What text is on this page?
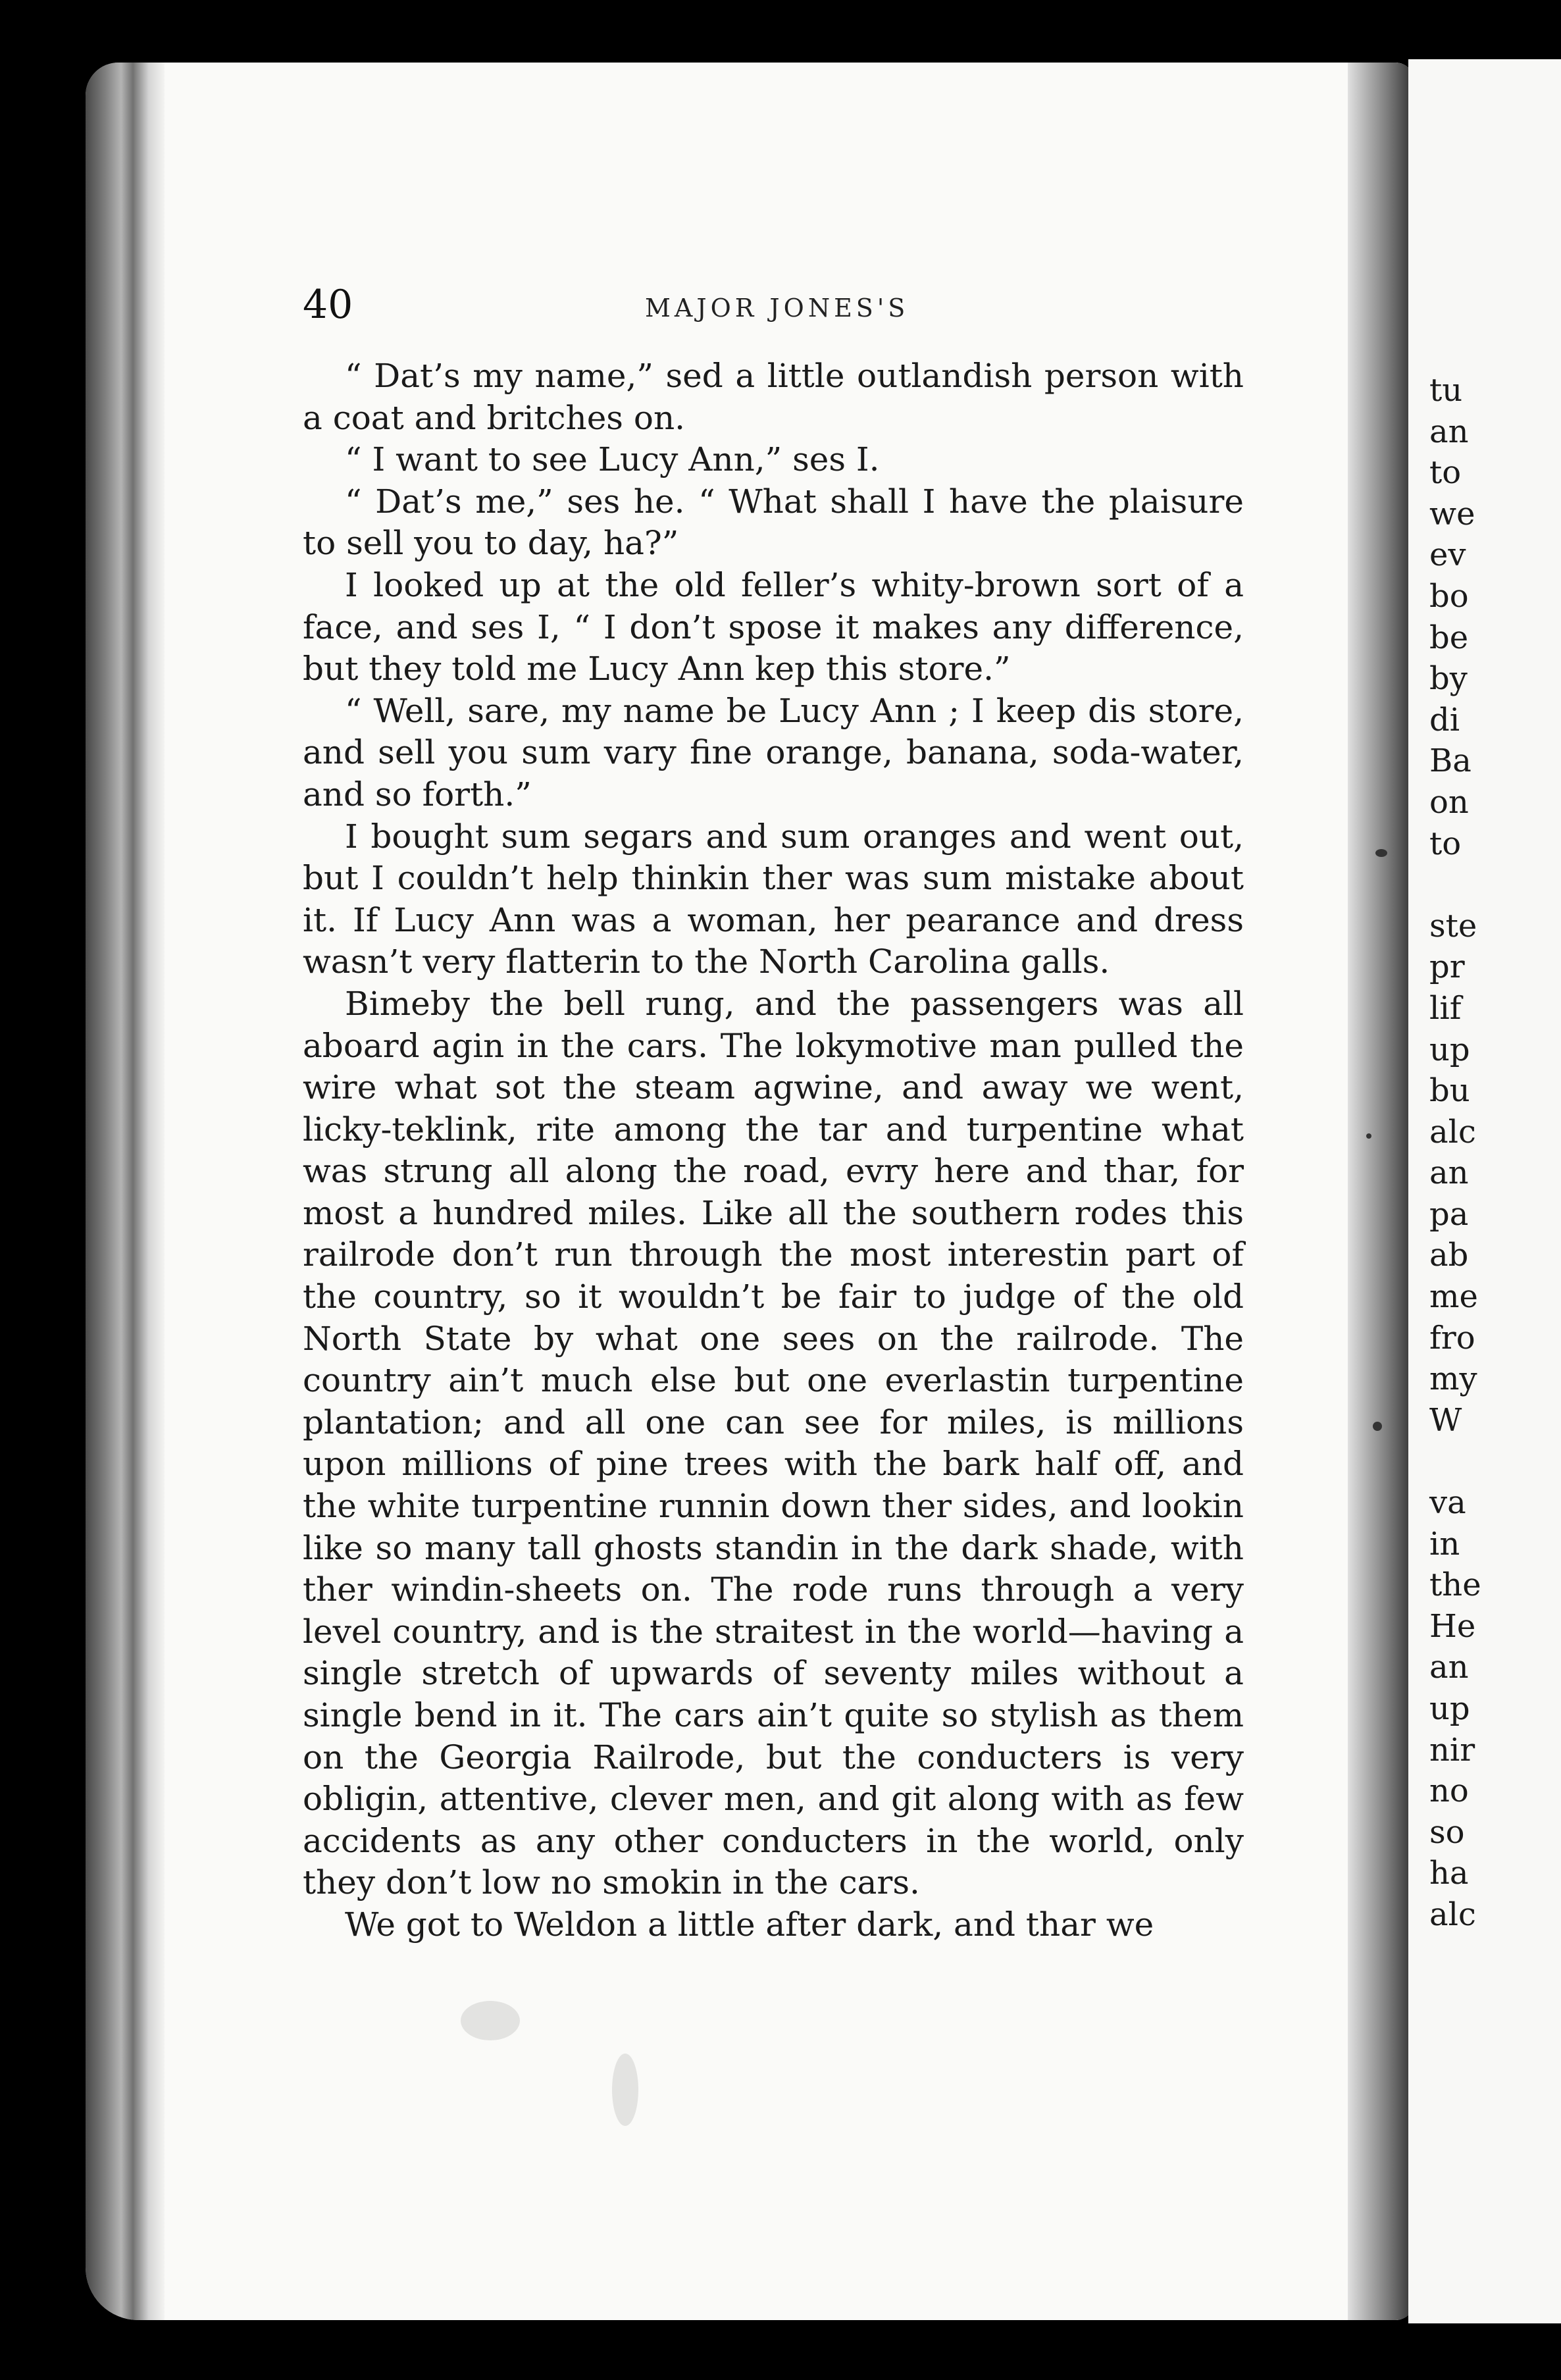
40	MAJOR JONES'S

“ Dat’s my name,” sed a little outlandish person with a coat and britches on.

“ I want to see Lucy Ann,” ses I.

“ Dat’s me,” ses he. “ What shall I have the plaisure to sell you to day, ha?”

I looked up at the old feller’s whity-brown sort of a face, and ses I, “ I don’t spose it makes any difference, but they told me Lucy Ann kep this store.”

“ Well, sare, my name be Lucy Ann ; I keep dis store, and sell you sum vary fine orange, banana, soda-water, and so forth.”

I bought sum segars and sum oranges and went out, but I couldn’t help thinkin ther was sum mistake about it. If Lucy Ann was a woman, her pearance and dress wasn’t very flatterin to the North Carolina galls.

Bimeby the bell rung, and the passengers was all aboard agin in the cars. The lokymotive man pulled the wire what sot the steam agwine, and away we went, licky-teklink, rite among the tar and turpentine what was strung all along the road, evry here and thar, for most a hundred miles. Like all the southern rodes this railrode don’t run through the most interestin part of the country, so it wouldn’t be fair to judge of the old North State by what one sees on the railrode. The country ain’t much else but one everlastin turpentine plantation; and all one can see for miles, is millions upon millions of pine trees with the bark half off, and the white turpentine runnin down ther sides, and lookin like so many tall ghosts standin in the dark shade, with ther windin-sheets on. The rode runs through a very level country, and is the straitest in the world—having a single stretch of upwards of seventy miles without a single bend in it. The cars ain’t quite so stylish as them on the Georgia Railrode, but the conducters is very obligin, attentive, clever men, and git along with as few accidents as any other conducters in the world, only they don’t low no smokin in the cars.

We got to Weldon a little after dark, and thar we

tu
an
to
we
ev
bo
be
by
di
Ba
on
to
ste
pr
lif
up
bu
alc
an
pa
ab
me
fro
my
W
va
in
the
He
an
up
nir
no
so
ha
alc
